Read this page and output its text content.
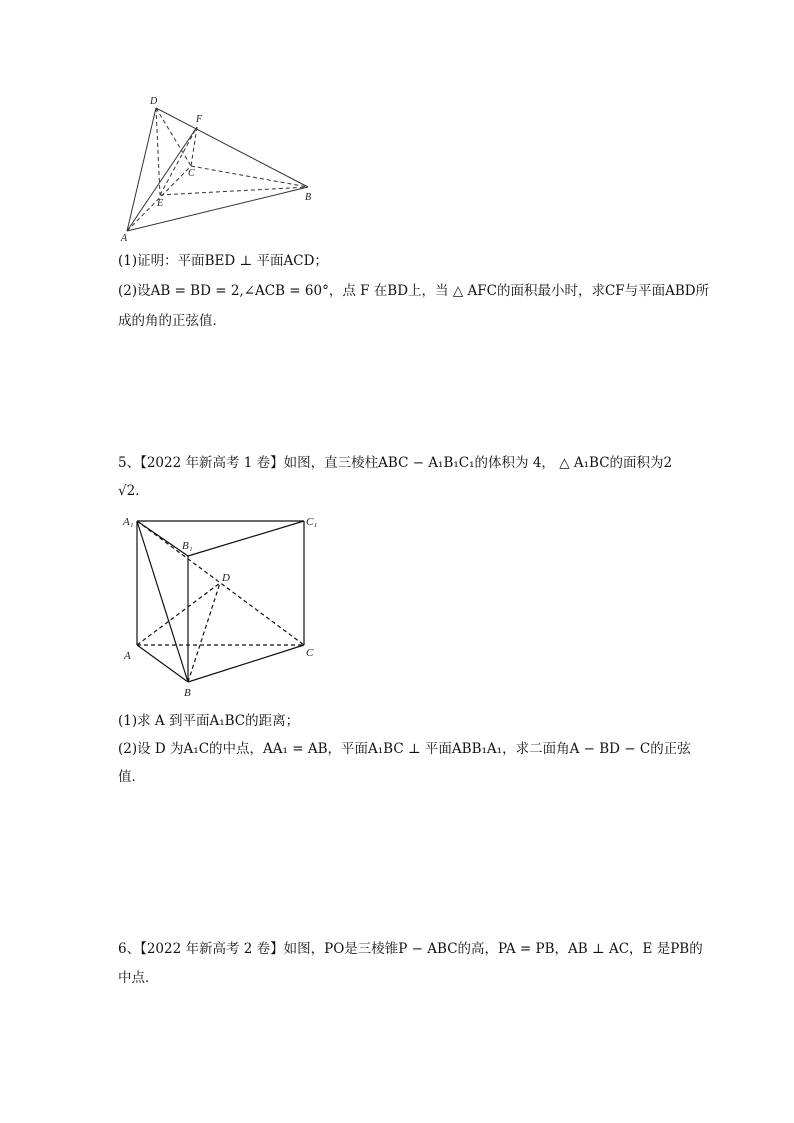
D
F
C
E
B
A
(1)证明：平面BED ⊥ 平面ACD；
(2)设AB = BD = 2,∠ACB = 60°，点 F 在BD上，当 △ AFC的面积最小时，求CF与平面ABD所
成的角的正弦值．
5、【2022 年新高考 1 卷】如图，直三棱柱ABC − A₁B₁C₁的体积为 4， △ A₁BC的面积为2
√2．
A₁	C₁
B₁
D
A	C
B
(1)求 A 到平面A₁BC的距离；
(2)设 D 为A₁C的中点，AA₁ = AB，平面A₁BC ⊥ 平面ABB₁A₁，求二面角A − BD − C的正弦
值．
6、【2022 年新高考 2 卷】如图，PO是三棱锥P − ABC的高，PA = PB，AB ⊥ AC，E 是PB的
中点．
